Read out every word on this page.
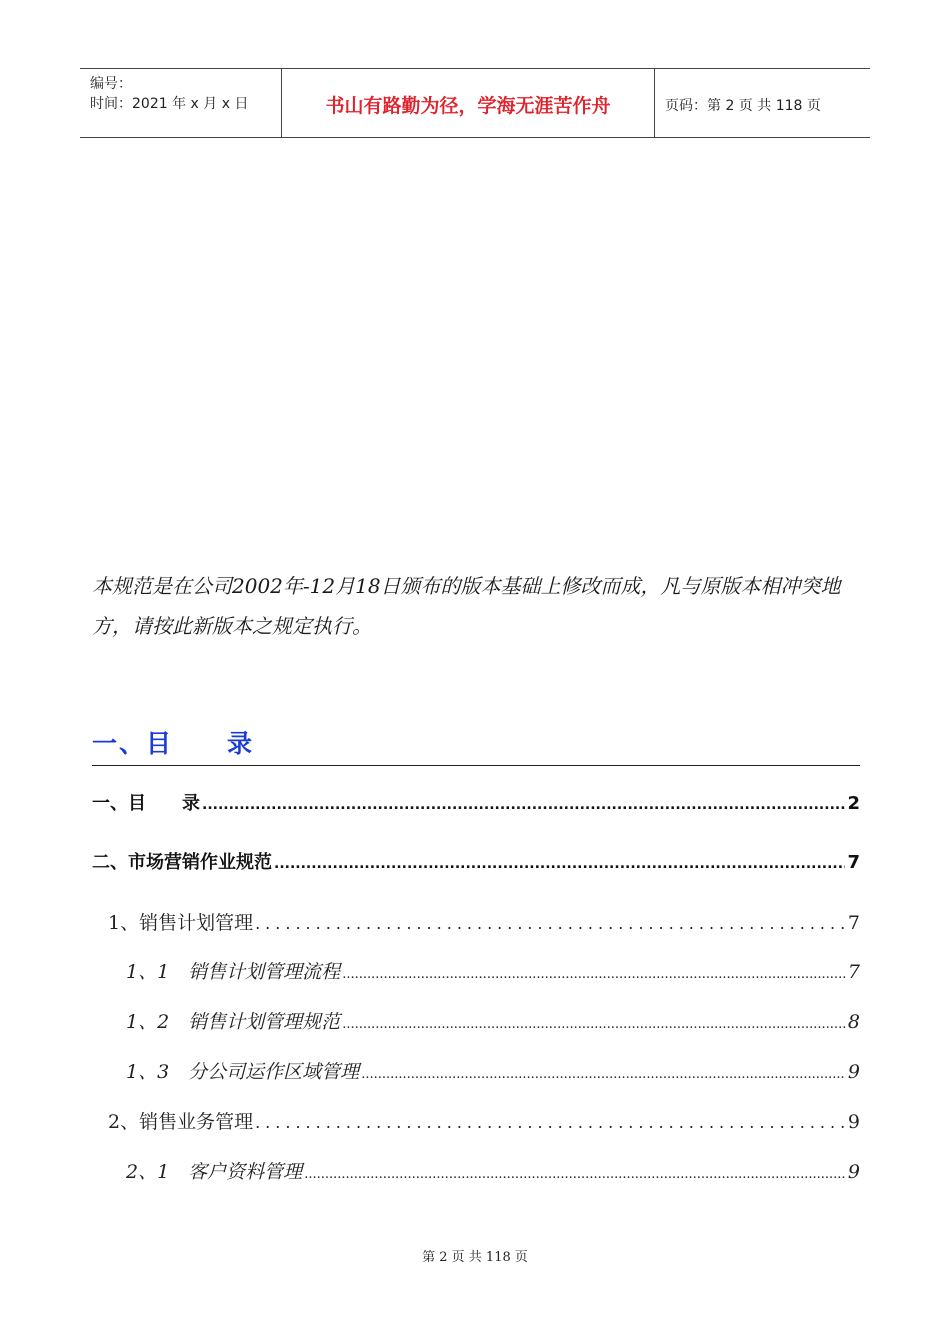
编号：
时间：2021 年 x 月 x 日	书山有路勤为径，学海无涯苦作舟	页码：第 2 页 共 118 页
本规范是在公司2002年-12月18日颁布的版本基础上修改而成，凡与原版本相冲突地方，请按此新版本之规定执行。
一、目　　录
一、目　　录 .....	2
二、市场营销作业规范 .....	7
1、销售计划管理 .....	7
1、1　销售计划管理流程 .....	7
1、2　销售计划管理规范 .....	8
1、3　分公司运作区域管理 .....	9
2、销售业务管理 .....	9
2、1　客户资料管理 .....	9
第 2 页 共 118 页
